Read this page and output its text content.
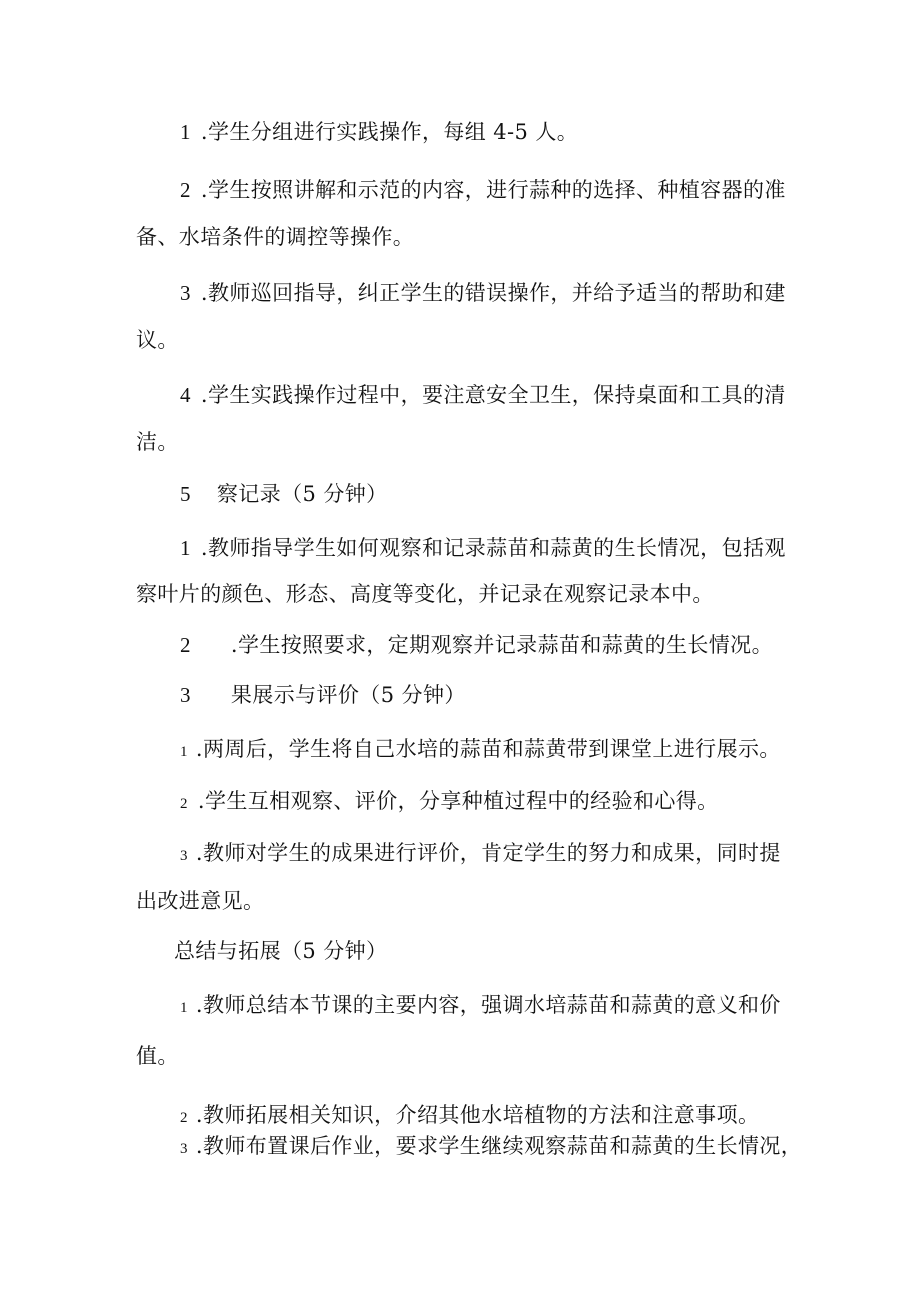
1 .学生分组进行实践操作，每组 4-5 人。
2 .学生按照讲解和示范的内容，进行蒜种的选择、种植容器的准
备、水培条件的调控等操作。
3 .教师巡回指导，纠正学生的错误操作，并给予适当的帮助和建
议。
4 .学生实践操作过程中，要注意安全卫生，保持桌面和工具的清
洁。
5 察记录（5 分钟）
1 .教师指导学生如何观察和记录蒜苗和蒜黄的生长情况，包括观
察叶片的颜色、形态、高度等变化，并记录在观察记录本中。
2 .学生按照要求，定期观察并记录蒜苗和蒜黄的生长情况。
3 果展示与评价（5 分钟）
1 .两周后，学生将自己水培的蒜苗和蒜黄带到课堂上进行展示。
2 .学生互相观察、评价，分享种植过程中的经验和心得。
3 .教师对学生的成果进行评价，肯定学生的努力和成果，同时提
出改进意见。
总结与拓展（5 分钟）
1 .教师总结本节课的主要内容，强调水培蒜苗和蒜黄的意义和价
值。
2 .教师拓展相关知识，介绍其他水培植物的方法和注意事项。
3 .教师布置课后作业，要求学生继续观察蒜苗和蒜黄的生长情况，
